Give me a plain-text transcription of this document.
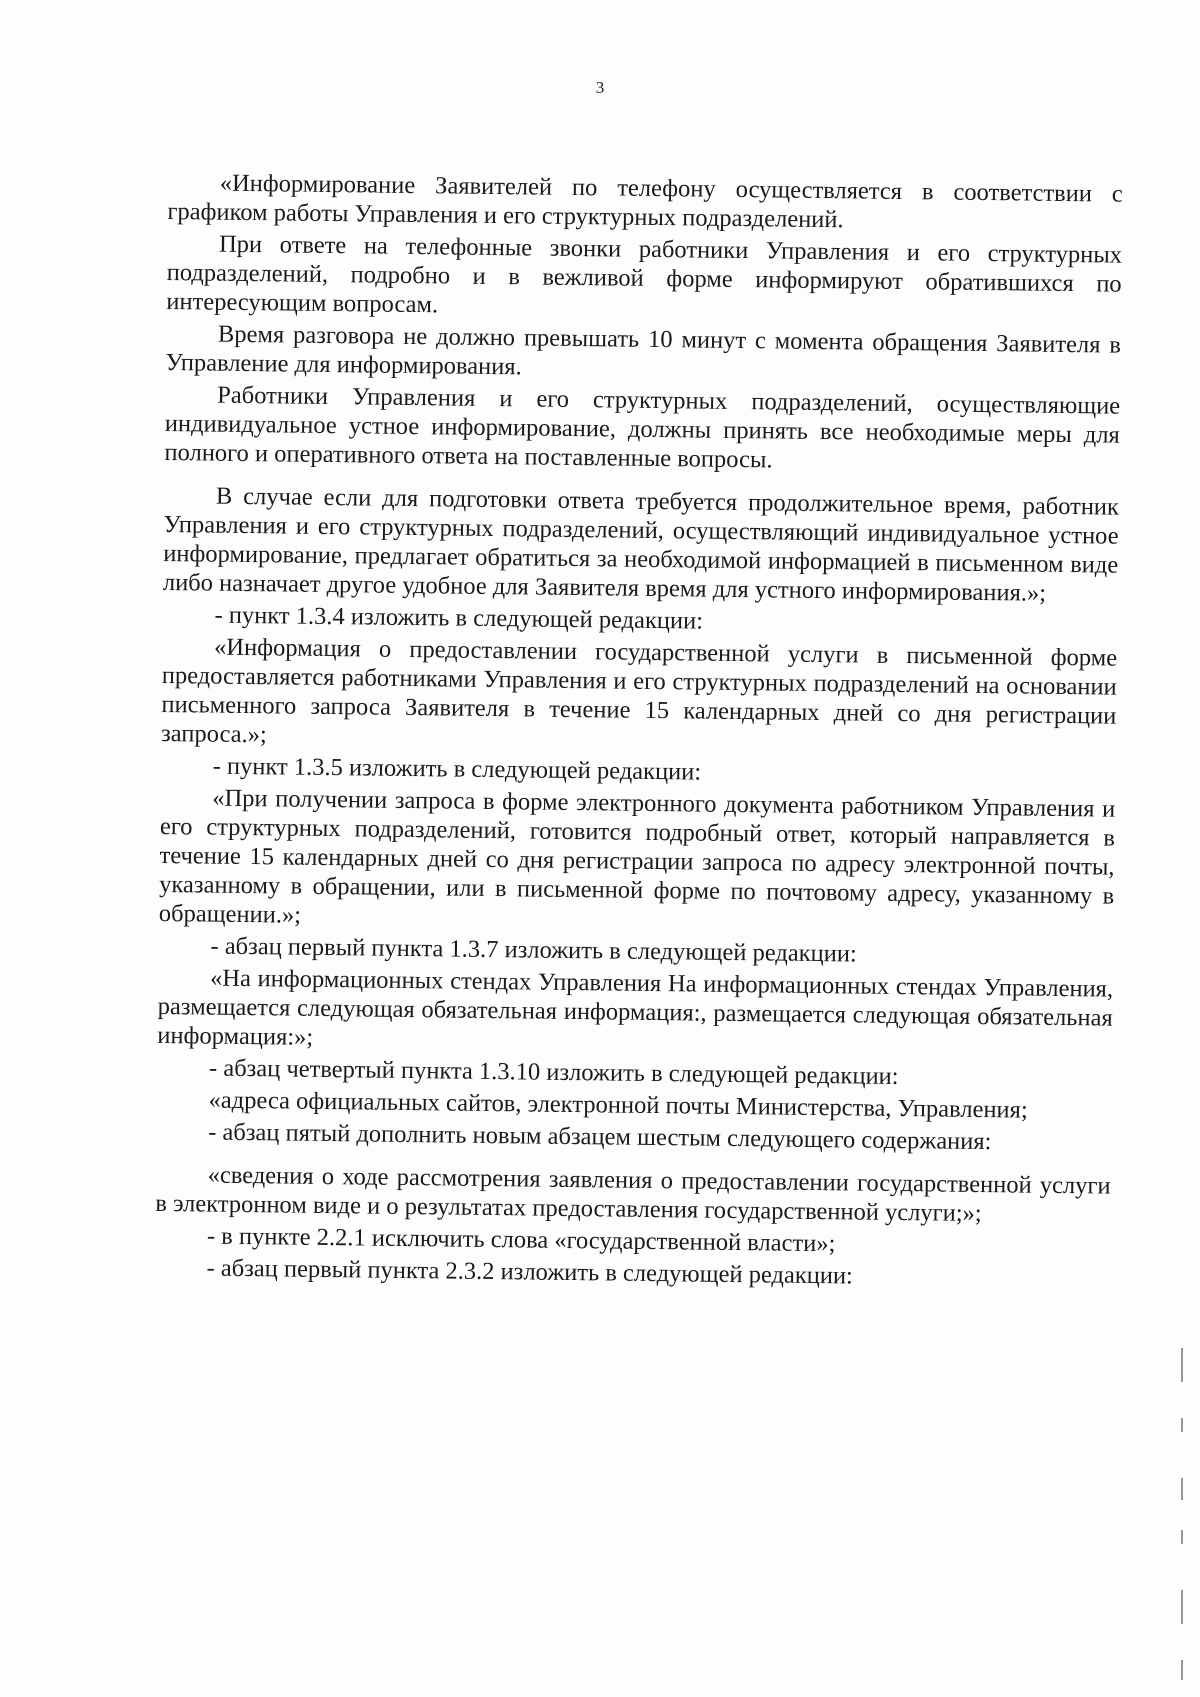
3

«Информирование Заявителей по телефону осуществляется в соответствии с графиком работы Управления и его структурных подразделений.

При ответе на телефонные звонки работники Управления и его структурных подразделений, подробно и в вежливой форме информируют обратившихся по интересующим вопросам.

Время разговора не должно превышать 10 минут с момента обращения Заявителя в Управление для информирования.

Работники Управления и его структурных подразделений, осуществляющие индивидуальное устное информирование, должны принять все необходимые меры для полного и оперативного ответа на поставленные вопросы.

В случае если для подготовки ответа требуется продолжительное время, работник Управления и его структурных подразделений, осуществляющий индивидуальное устное информирование, предлагает обратиться за необходимой информацией в письменном виде либо назначает другое удобное для Заявителя время для устного информирования.»;

- пункт 1.3.4 изложить в следующей редакции:

«Информация о предоставлении государственной услуги в письменной форме предоставляется работниками Управления и его структурных подразделений на основании письменного запроса Заявителя в течение 15 календарных дней со дня регистрации запроса.»;

- пункт 1.3.5 изложить в следующей редакции:

«При получении запроса в форме электронного документа работником Управления и его структурных подразделений, готовится подробный ответ, который направляется в течение 15 календарных дней со дня регистрации запроса по адресу электронной почты, указанному в обращении, или в письменной форме по почтовому адресу, указанному в обращении.»;

- абзац первый пункта 1.3.7 изложить в следующей редакции:

«На информационных стендах Управления На информационных стендах Управления, размещается следующая обязательная информация:, размещается следующая обязательная информация:»;

- абзац четвертый пункта 1.3.10 изложить в следующей редакции:

«адреса официальных сайтов, электронной почты Министерства, Управления;

- абзац пятый дополнить новым абзацем шестым следующего содержания:

«сведения о ходе рассмотрения заявления о предоставлении государственной услуги в электронном виде и о результатах предоставления государственной услуги;»;

- в пункте 2.2.1 исключить слова «государственной власти»;

- абзац первый пункта 2.3.2 изложить в следующей редакции:
